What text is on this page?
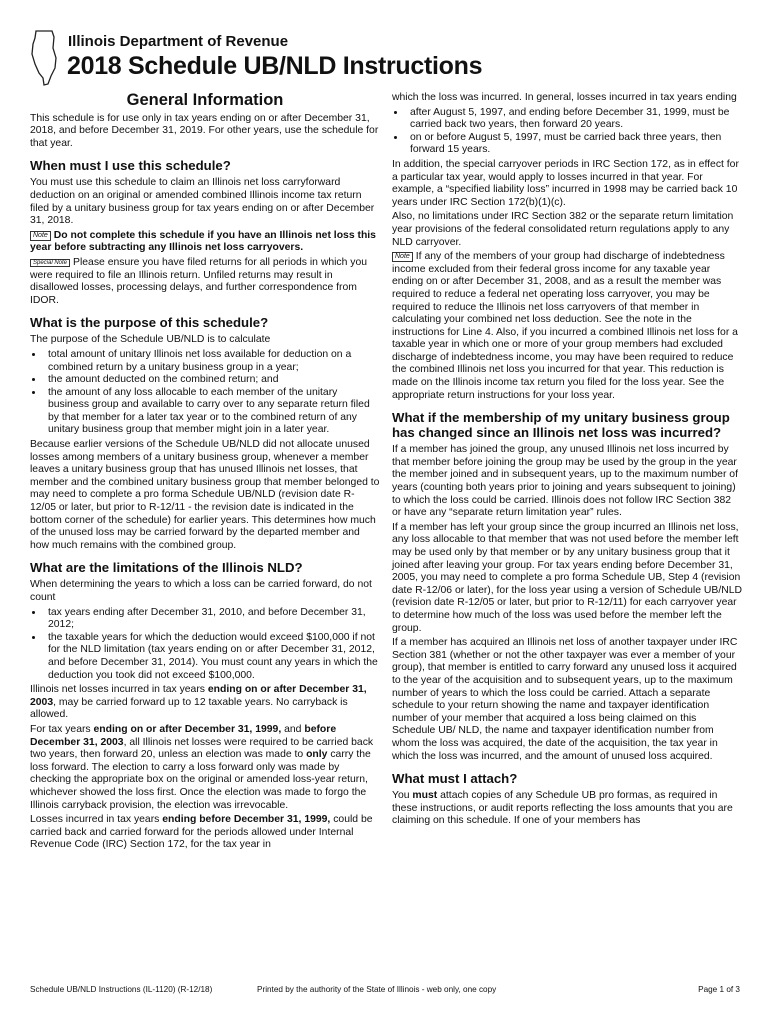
Illinois Department of Revenue
2018 Schedule UB/NLD Instructions
General Information

This schedule is for use only in tax years ending on or after December 31, 2018, and before December 31, 2019. For other years, use the schedule for that year.

When must I use this schedule?

You must use this schedule to claim an Illinois net loss carryforward deduction on an original or amended combined Illinois income tax return filed by a unitary business group for tax years ending on or after December 31, 2018.

Note Do not complete this schedule if you have an Illinois net loss this year before subtracting any Illinois net loss carryovers.

Special Note Please ensure you have filed returns for all periods in which you were required to file an Illinois return. Unfiled returns may result in disallowed losses, processing delays, and further correspondence from IDOR.

What is the purpose of this schedule?

The purpose of the Schedule UB/NLD is to calculate

• total amount of unitary Illinois net loss available for deduction on a combined return by a unitary business group in a year;
• the amount deducted on the combined return; and
• the amount of any loss allocable to each member of the unitary business group and available to carry over to any separate return filed by that member for a later tax year or to the combined return of any unitary business group that member might join in a later year.

Because earlier versions of the Schedule UB/NLD did not allocate unused losses among members of a unitary business group, whenever a member leaves a unitary business group that has unused Illinois net losses, that member and the combined unitary business group that member belonged to may need to complete a pro forma Schedule UB/NLD (revision date R-12/05 or later, but prior to R-12/11 - the revision date is indicated in the bottom corner of the schedule) for earlier years. This determines how much of the unused loss may be carried forward by the departed member and how much remains with the combined group.

What are the limitations of the Illinois NLD?

When determining the years to which a loss can be carried forward, do not count

• tax years ending after December 31, 2010, and before December 31, 2012;
• the taxable years for which the deduction would exceed $100,000 if not for the NLD limitation (tax years ending on or after December 31, 2012, and before December 31, 2014). You must count any years in which the deduction you took did not exceed $100,000.

Illinois net losses incurred in tax years ending on or after December 31, 2003, may be carried forward up to 12 taxable years. No carryback is allowed.

For tax years ending on or after December 31, 1999, and before December 31, 2003, all Illinois net losses were required to be carried back two years, then forward 20, unless an election was made to only carry the loss forward. The election to carry a loss forward only was made by checking the appropriate box on the original or amended loss-year return, whichever showed the loss first. Once the election was made to forgo the Illinois carryback provision, the election was irrevocable.

Losses incurred in tax years ending before December 31, 1999, could be carried back and carried forward for the periods allowed under Internal Revenue Code (IRC) Section 172, for the tax year in

which the loss was incurred. In general, losses incurred in tax years ending

• after August 5, 1997, and ending before December 31, 1999, must be carried back two years, then forward 20 years.
• on or before August 5, 1997, must be carried back three years, then forward 15 years.

In addition, the special carryover periods in IRC Section 172, as in effect for a particular tax year, would apply to losses incurred in that year. For example, a “specified liability loss” incurred in 1998 may be carried back 10 years under IRC Section 172(b)(1)(c).

Also, no limitations under IRC Section 382 or the separate return limitation year provisions of the federal consolidated return regulations apply to any NLD carryover.

Note If any of the members of your group had discharge of indebtedness income excluded from their federal gross income for any taxable year ending on or after December 31, 2008, and as a result the member was required to reduce a federal net operating loss carryover, you may be required to reduce the Illinois net loss carryovers of that member in calculating your combined net loss deduction. See the note in the instructions for Line 4. Also, if you incurred a combined Illinois net loss for a taxable year in which one or more of your group members had excluded discharge of indebtedness income, you may have been required to reduce the combined Illinois net loss you incurred for that year. This reduction is made on the Illinois income tax return you filed for the loss year. See the appropriate return instructions for your loss year.

What if the membership of my unitary business group has changed since an Illinois net loss was incurred?

If a member has joined the group, any unused Illinois net loss incurred by that member before joining the group may be used by the group in the year the member joined and in subsequent years, up to the maximum number of years (counting both years prior to joining and years subsequent to joining) to which the loss could be carried. Illinois does not follow IRC Section 382 or have any “separate return limitation year” rules.

If a member has left your group since the group incurred an Illinois net loss, any loss allocable to that member that was not used before the member left may be used only by that member or by any unitary business group that it joined after leaving your group. For tax years ending before December 31, 2005, you may need to complete a pro forma Schedule UB, Step 4 (revision date R-12/06 or later), for the loss year using a version of Schedule UB/NLD (revision date R-12/05 or later, but prior to R-12/11) for each carryover year to determine how much of the loss was used before the member left the group.

If a member has acquired an Illinois net loss of another taxpayer under IRC Section 381 (whether or not the other taxpayer was ever a member of your group), that member is entitled to carry forward any unused loss it acquired to the year of the acquisition and to subsequent years, up to the maximum number of years to which the loss could be carried. Attach a separate schedule to your return showing the name and taxpayer identification number of your member that acquired a loss being claimed on this Schedule UB/ NLD, the name and taxpayer identification number from whom the loss was acquired, the date of the acquisition, the tax year in which the loss was incurred, and the amount of unused loss acquired.

What must I attach?

You must attach copies of any Schedule UB pro formas, as required in these instructions, or audit reports reflecting the loss amounts that you are claiming on this schedule. If one of your members has

Schedule UB/NLD Instructions (IL-1120) (R-12/18)	Printed by the authority of the State of Illinois - web only, one copy	Page 1 of 3
